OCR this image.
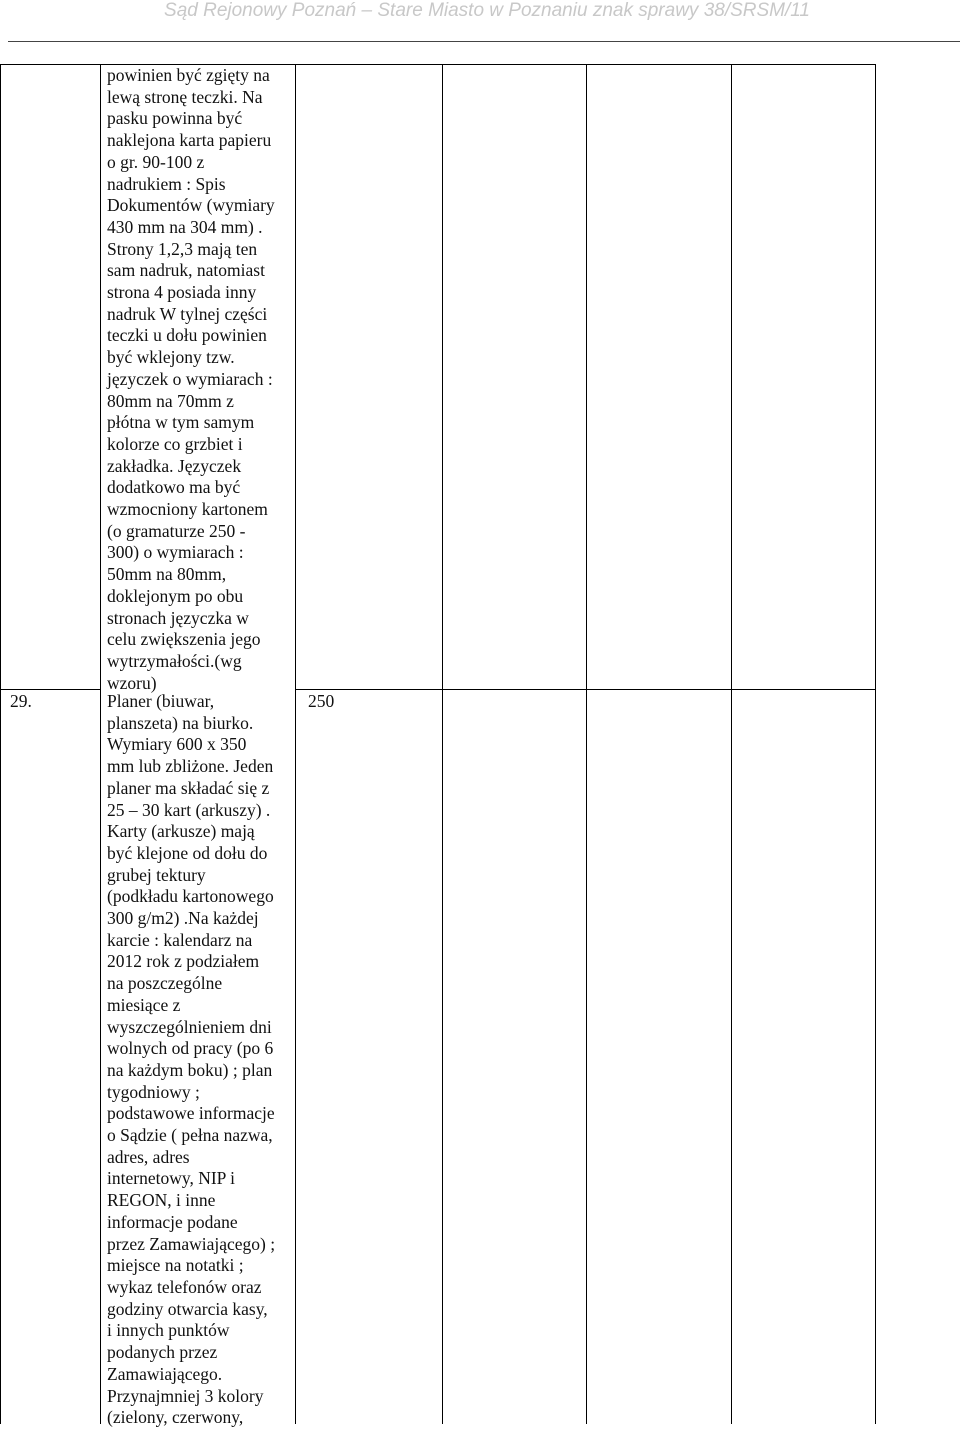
Sąd Rejonowy Poznań – Stare Miasto w Poznaniu znak sprawy 38/SRSM/11
powinien być zgięty na
lewą stronę teczki. Na
pasku powinna być
naklejona karta papieru
o gr. 90-100 z
nadrukiem : Spis
Dokumentów (wymiary
430 mm na 304 mm) .
Strony 1,2,3 mają ten
sam nadruk, natomiast
strona 4 posiada inny
nadruk W tylnej części
teczki u dołu powinien
być wklejony tzw.
języczek o wymiarach :
80mm na 70mm z
płótna w tym samym
kolorze co grzbiet i
zakładka. Języczek
dodatkowo ma być
wzmocniony kartonem
(o gramaturze 250 -
300) o wymiarach :
50mm na 80mm,
doklejonym po obu
stronach języczka w
celu zwiększenia jego
wytrzymałości.(wg
wzoru)
29.	Planer (biuwar,
planszeta) na biurko.
Wymiary 600 x 350
mm lub zbliżone. Jeden
planer ma składać się z
25 – 30 kart (arkuszy) .
Karty (arkusze) mają
być klejone od dołu do
grubej tektury
(podkładu kartonowego
300 g/m2) .Na każdej
karcie : kalendarz na
2012 rok z podziałem
na poszczególne
miesiące z
wyszczególnieniem dni
wolnych od pracy (po 6
na każdym boku) ; plan
tygodniowy ;
podstawowe informacje
o Sądzie ( pełna nazwa,
adres, adres
internetowy, NIP i
REGON, i inne
informacje podane
przez Zamawiającego) ;
miejsce na notatki ;
wykaz telefonów oraz
godziny otwarcia kasy,
i innych punktów
podanych przez
Zamawiającego.
Przynajmniej 3 kolory
(zielony, czerwony,
250
